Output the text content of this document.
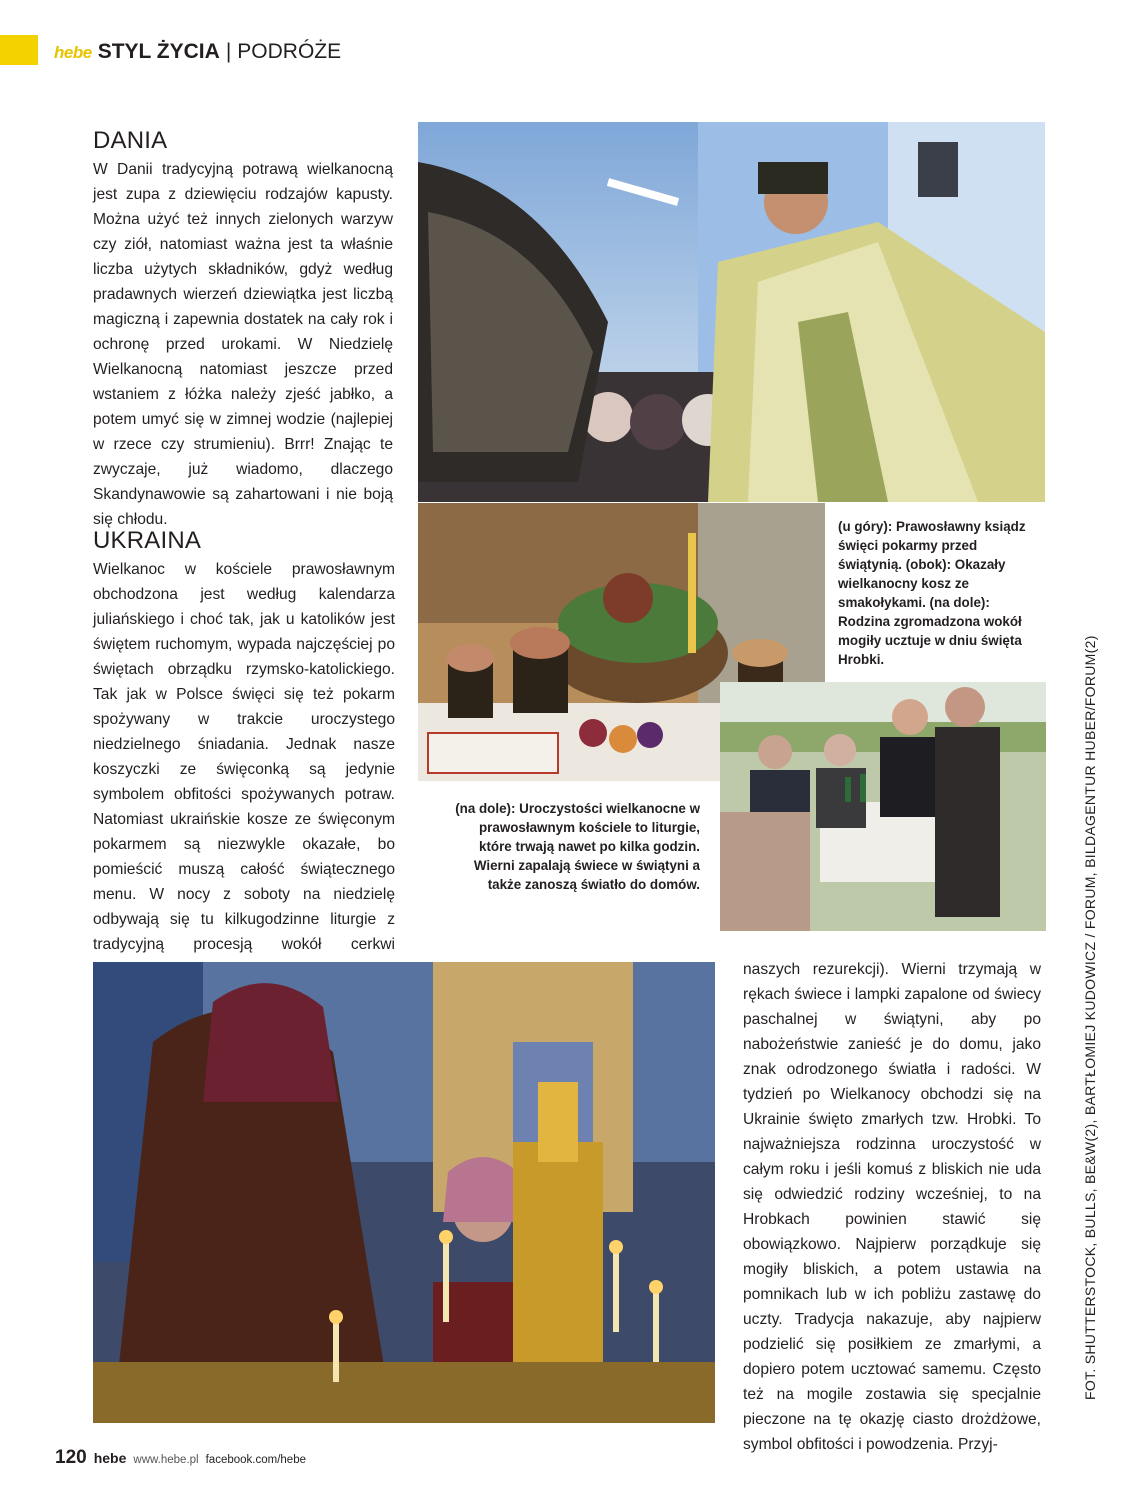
hebe STYL ŻYCIA | PODRÓŻE
DANIA

W Danii tradycyjną potrawą wielkanocną jest zupa z dziewięciu rodzajów kapusty. Można użyć też innych zielonych warzyw czy ziół, natomiast ważna jest ta właśnie liczba użytych składników, gdyż według pradawnych wierzeń dziewiątka jest liczbą magiczną i zapewnia dostatek na cały rok i ochronę przed urokami. W Niedzielę Wielkanocną natomiast jeszcze przed wstaniem z łóżka należy zjeść jabłko, a potem umyć się w zimnej wodzie (najlepiej w rzece czy strumieniu). Brrr! Znając te zwyczaje, już wiadomo, dlaczego Skandynawowie są zahartowani i nie boją się chłodu.

UKRAINA

Wielkanoc w kościele prawosławnym obchodzona jest według kalendarza juliańskiego i choć tak, jak u katolików jest świętem ruchomym, wypada najczęściej po świętach obrządku rzymsko-katolickiego. Tak jak w Polsce święci się też pokarm spożywany w trakcie uroczystego niedzielnego śniadania. Jednak nasze koszyczki ze święconką są jedynie symbolem obfitości spożywanych potraw. Natomiast ukraińskie kosze ze święconym pokarmem są niezwykle okazałe, bo pomieścić muszą całość świątecznego menu. W nocy z soboty na niedzielę odbywają się tu kilkugodzinne liturgie z tradycyjną procesją wokół cerkwi

(u góry): Prawosławny ksiądz święci pokarmy przed świątynią. (obok): Okazały wielkanocny kosz ze smakołykami. (na dole): Rodzina zgromadzona wokół mogiły ucztuje w dniu święta Hrobki.

(na dole): Uroczystości wielkanocne w prawosławnym kościele to liturgie, które trwają nawet po kilka godzin. Wierni zapalają świece w świątyni a także zanoszą światło do domów.

naszych rezurekcji). Wierni trzymają w rękach świece i lampki zapalone od świecy paschalnej w świątyni, aby po nabożeństwie zanieść je do domu, jako znak odrodzonego światła i radości. W tydzień po Wielkanocy obchodzi się na Ukrainie święto zmarłych tzw. Hrobki. To najważniejsza rodzinna uroczystość w całym roku i jeśli komuś z bliskich nie uda się odwiedzić rodziny wcześniej, to na Hrobkach powinien stawić się obowiązkowo. Najpierw porządkuje się mogiły bliskich, a potem ustawia na pomnikach lub w ich pobliżu zastawę do uczty. Tradycja nakazuje, aby najpierw podzielić się posiłkiem ze zmarłymi, a dopiero potem ucztować samemu. Często też na mogile zostawia się specjalnie pieczone na tę okazję ciasto drożdżowe, symbol obfitości i powodzenia. Przyj-

FOT. SHUTTERSTOCK, BULLS, BE&W(2), BARTŁOMIEJ KUDOWICZ / FORUM, BILDAGENTUR HUBER/FORUM(2)
120 hebe www.hebe.pl facebook.com/hebe
